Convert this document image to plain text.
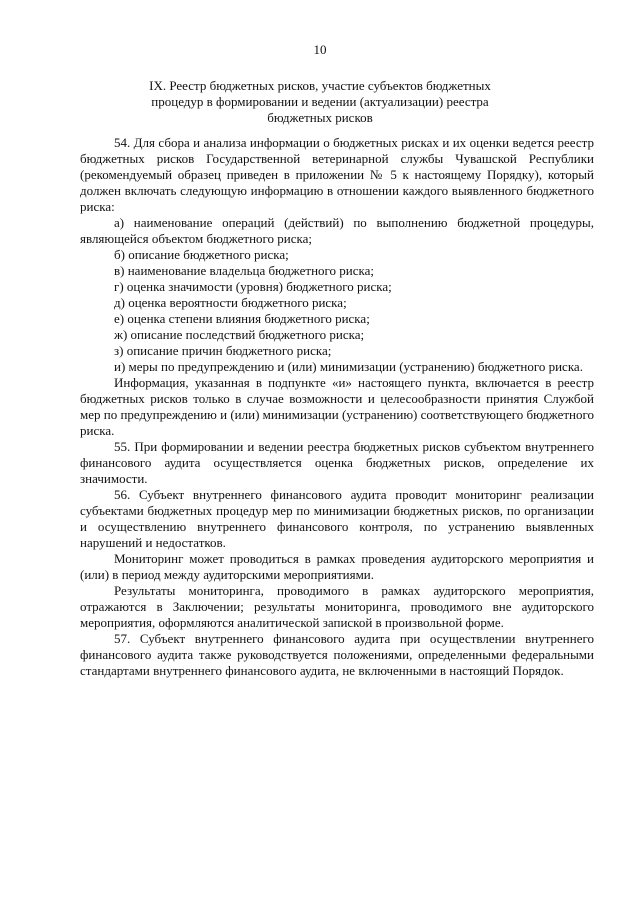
10
IX. Реестр бюджетных рисков, участие субъектов бюджетных
процедур в формировании и ведении (актуализации) реестра
бюджетных рисков

54. Для сбора и анализа информации о бюджетных рисках и их оценки ведется реестр бюджетных рисков Государственной ветеринарной службы Чувашской Республики (рекомендуемый образец приведен в приложении № 5 к настоящему Порядку), который должен включать следующую информацию в отношении каждого выявленного бюджетного риска:

а) наименование операций (действий) по выполнению бюджетной процедуры, являющейся объектом бюджетного риска;

б) описание бюджетного риска;

в) наименование владельца бюджетного риска;

г) оценка значимости (уровня) бюджетного риска;

д) оценка вероятности бюджетного риска;

е) оценка степени влияния бюджетного риска;

ж) описание последствий бюджетного риска;

з) описание причин бюджетного риска;

и) меры по предупреждению и (или) минимизации (устранению) бюджетного риска.

Информация, указанная в подпункте «и» настоящего пункта, включается в реестр бюджетных рисков только в случае возможности и целесообразности принятия Службой мер по предупреждению и (или) минимизации (устранению) соответствующего бюджетного риска.

55. При формировании и ведении реестра бюджетных рисков субъектом внутреннего финансового аудита осуществляется оценка бюджетных рисков, определение их значимости.

56. Субъект внутреннего финансового аудита проводит мониторинг реализации субъектами бюджетных процедур мер по минимизации бюджетных рисков, по организации и осуществлению внутреннего финансового контроля, по устранению выявленных нарушений и недостатков.

Мониторинг может проводиться в рамках проведения аудиторского мероприятия и (или) в период между аудиторскими мероприятиями.

Результаты мониторинга, проводимого в рамках аудиторского мероприятия, отражаются в Заключении; результаты мониторинга, проводимого вне аудиторского мероприятия, оформляются аналитической запиской в произвольной форме.

57. Субъект внутреннего финансового аудита при осуществлении внутреннего финансового аудита также руководствуется положениями, определенными федеральными стандартами внутреннего финансового аудита, не включенными в настоящий Порядок.
